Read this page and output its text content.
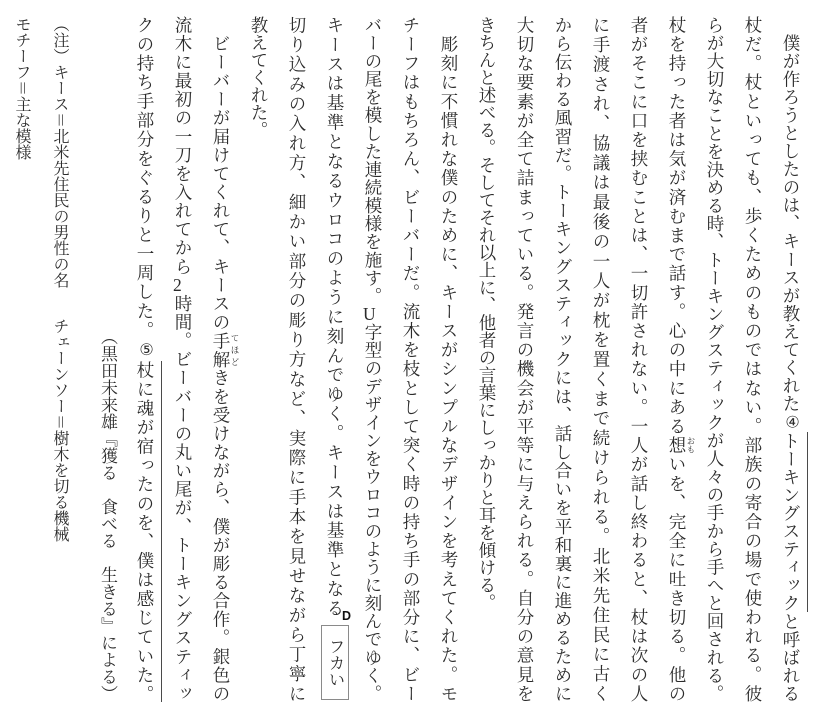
　僕が作ろうとしたのは、キースが教えてくれた④トーキングスティックと呼ばれる
杖だ。杖といっても、歩くためのものではない。部族の寄合の場で使われる。彼
らが大切なことを決める時、トーキングスティックが人々の手から手へと回される。
杖を持った者は気が済むまで話す。心の中にある想 おもいを、完全に吐き切る。他の
者がそこに口を挟むことは、一切許されない。一人が話し終わると、杖は次の人
に手渡され、協議は最後の一人が枕を置くまで続けられる。北米先住民に古く
から伝わる風習だ。トーキングスティックには、話し合いを平和裏に進めるために
大切な要素が全て詰まっている。発言の機会が平等に与えられる。自分の意見を
きちんと述べる。そしてそれ以上に、他者の言葉にしっかりと耳を傾ける。
　彫刻に不慣れな僕のために、キースがシンプルなデザインを考えてくれた。モ
チーフはもちろん、ビーバーだ。流木を枝として突く時の持ち手の部分に、ビー
バーの尾を模した連続模様を施す。U字型のデザインをウロコのように刻んでゆく。
キースは基準となるウロコのように刻んでゆく。キースは基準となる
D
フカい
切り込みの入れ方、細かい部分の彫り方など、実際に手本を見せながら丁寧に
教えてくれた。
　ビーバーが届けてくれて、キースの手解 てほどきを受けながら、僕が彫る合作。銀色の
流木に最初の一刀を入れてから2時間。ビーバーの丸い尾が、トーキングスティッ
クの持ち手部分をぐるりと一周した。⑤杖に魂が宿ったのを、僕は感じていた。
（黒田未来雄『獲る　食べる　生きる』による）
（注）キース＝北米先住民の男性の名チェーンソー＝樹木を切る機械
モチーフ＝主な模様
